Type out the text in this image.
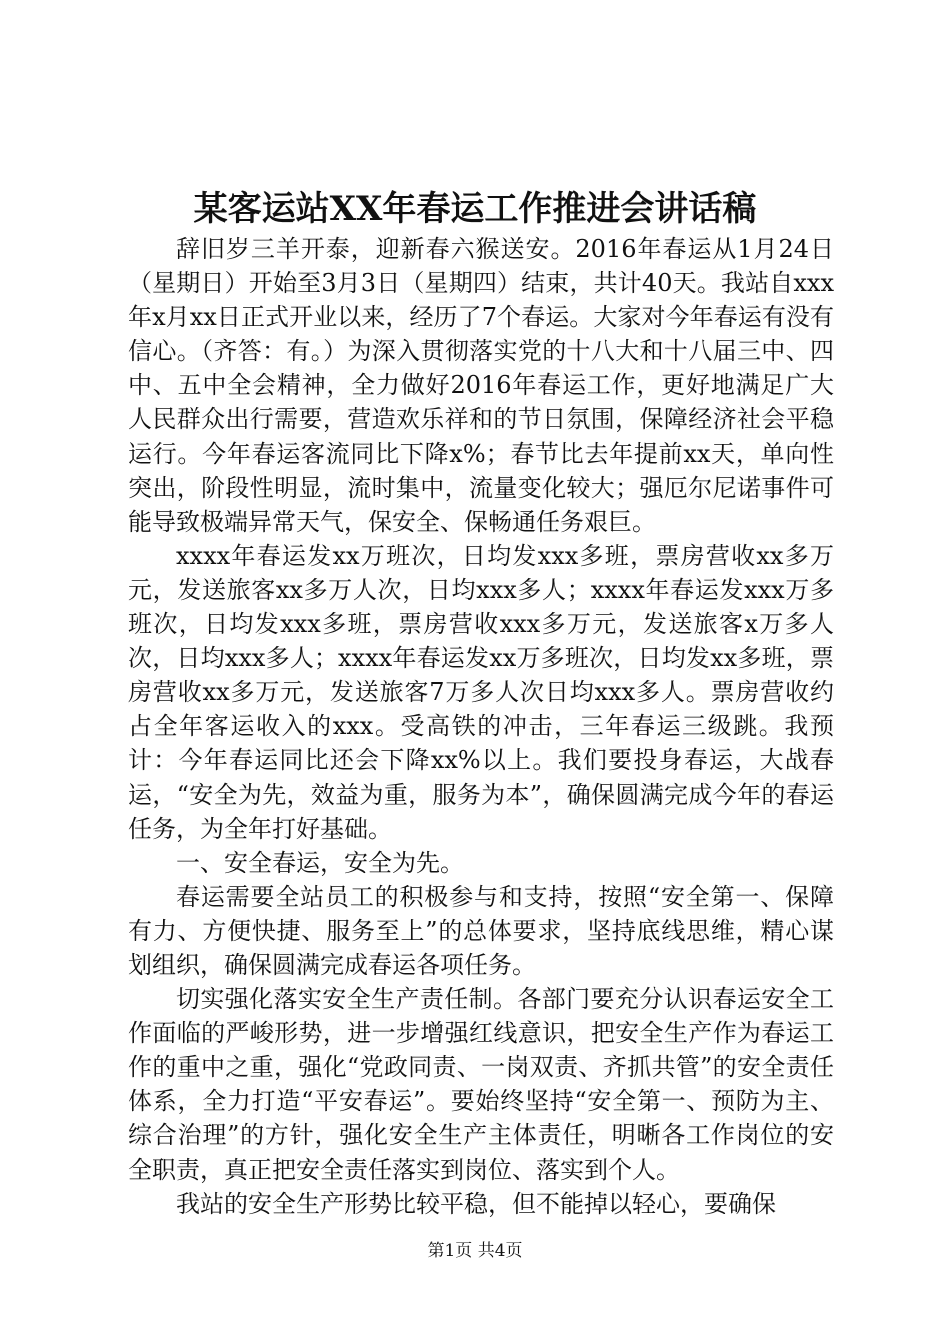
某客运站XX年春运工作推进会讲话稿

辞旧岁三羊开泰，迎新春六猴送安。2016年春运从1月24日（星期日）开始至3月3日（星期四）结束，共计40天。我站自xxx年x月xx日正式开业以来，经历了7个春运。大家对今年春运有没有信心。（齐答：有。）为深入贯彻落实党的十八大和十八届三中、四中、五中全会精神，全力做好2016年春运工作，更好地满足广大人民群众出行需要，营造欢乐祥和的节日氛围，保障经济社会平稳运行。今年春运客流同比下降x%；春节比去年提前xx天，单向性突出，阶段性明显，流时集中，流量变化较大；强厄尔尼诺事件可能导致极端异常天气，保安全、保畅通任务艰巨。

xxxx年春运发xx万班次，日均发xxx多班，票房营收xx多万元，发送旅客xx多万人次，日均xxx多人；xxxx年春运发xxx万多班次，日均发xxx多班，票房营收xxx多万元，发送旅客x万多人次，日均xxx多人；xxxx年春运发xx万多班次，日均发xx多班，票房营收xx多万元，发送旅客7万多人次日均xxx多人。票房营收约占全年客运收入的xxx。受高铁的冲击，三年春运三级跳。我预计：今年春运同比还会下降xx%以上。我们要投身春运，大战春运，“安全为先，效益为重，服务为本”，确保圆满完成今年的春运任务，为全年打好基础。

一、安全春运，安全为先。

春运需要全站员工的积极参与和支持，按照“安全第一、保障有力、方便快捷、服务至上”的总体要求，坚持底线思维，精心谋划组织，确保圆满完成春运各项任务。

切实强化落实安全生产责任制。各部门要充分认识春运安全工作面临的严峻形势，进一步增强红线意识，把安全生产作为春运工作的重中之重，强化“党政同责、一岗双责、齐抓共管”的安全责任体系，全力打造“平安春运”。要始终坚持“安全第一、预防为主、综合治理”的方针，强化安全生产主体责任，明晰各工作岗位的安全职责，真正把安全责任落实到岗位、落实到个人。

我站的安全生产形势比较平稳，但不能掉以轻心，要确保

第1页 共4页
